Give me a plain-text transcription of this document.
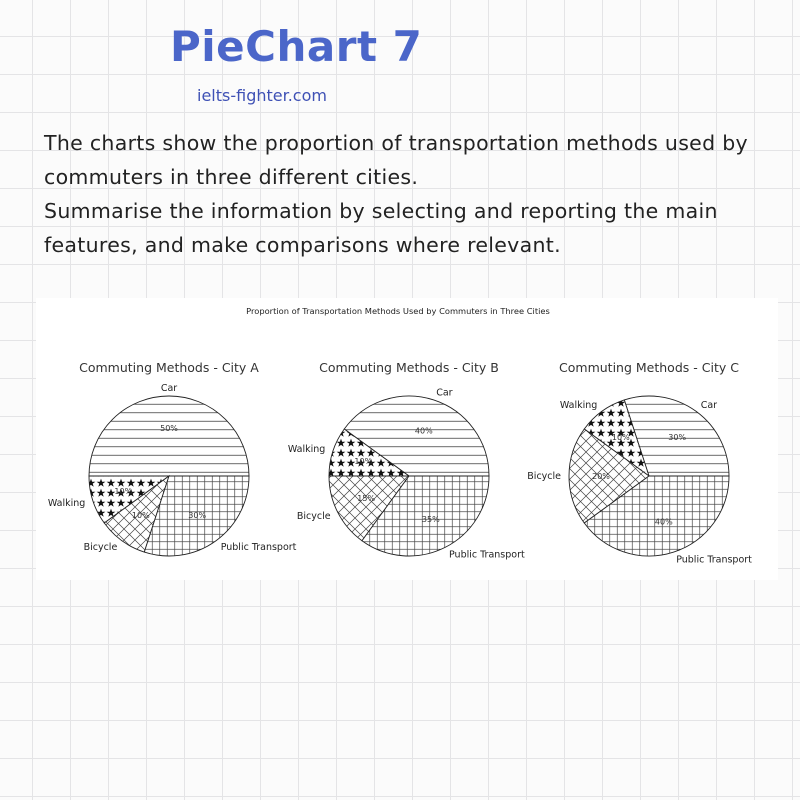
PieChart 7
ielts-fighter.com

The charts show the proportion of transportation methods used by commuters in three different cities.

Summarise the information by selecting and reporting the main features, and make comparisons where relevant.

Proportion of Transportation Methods Used by Commuters in Three Cities
Commuting Methods - City A
Car
50%
Walking
10%
Bicycle
10%
Public Transport
30%
Commuting Methods - City B
Car
40%
Walking
10%
Bicycle
15%
Public Transport
35%
Commuting Methods - City C
Car
30%
Walking
10%
Bicycle	20%
Public Transport
40%
